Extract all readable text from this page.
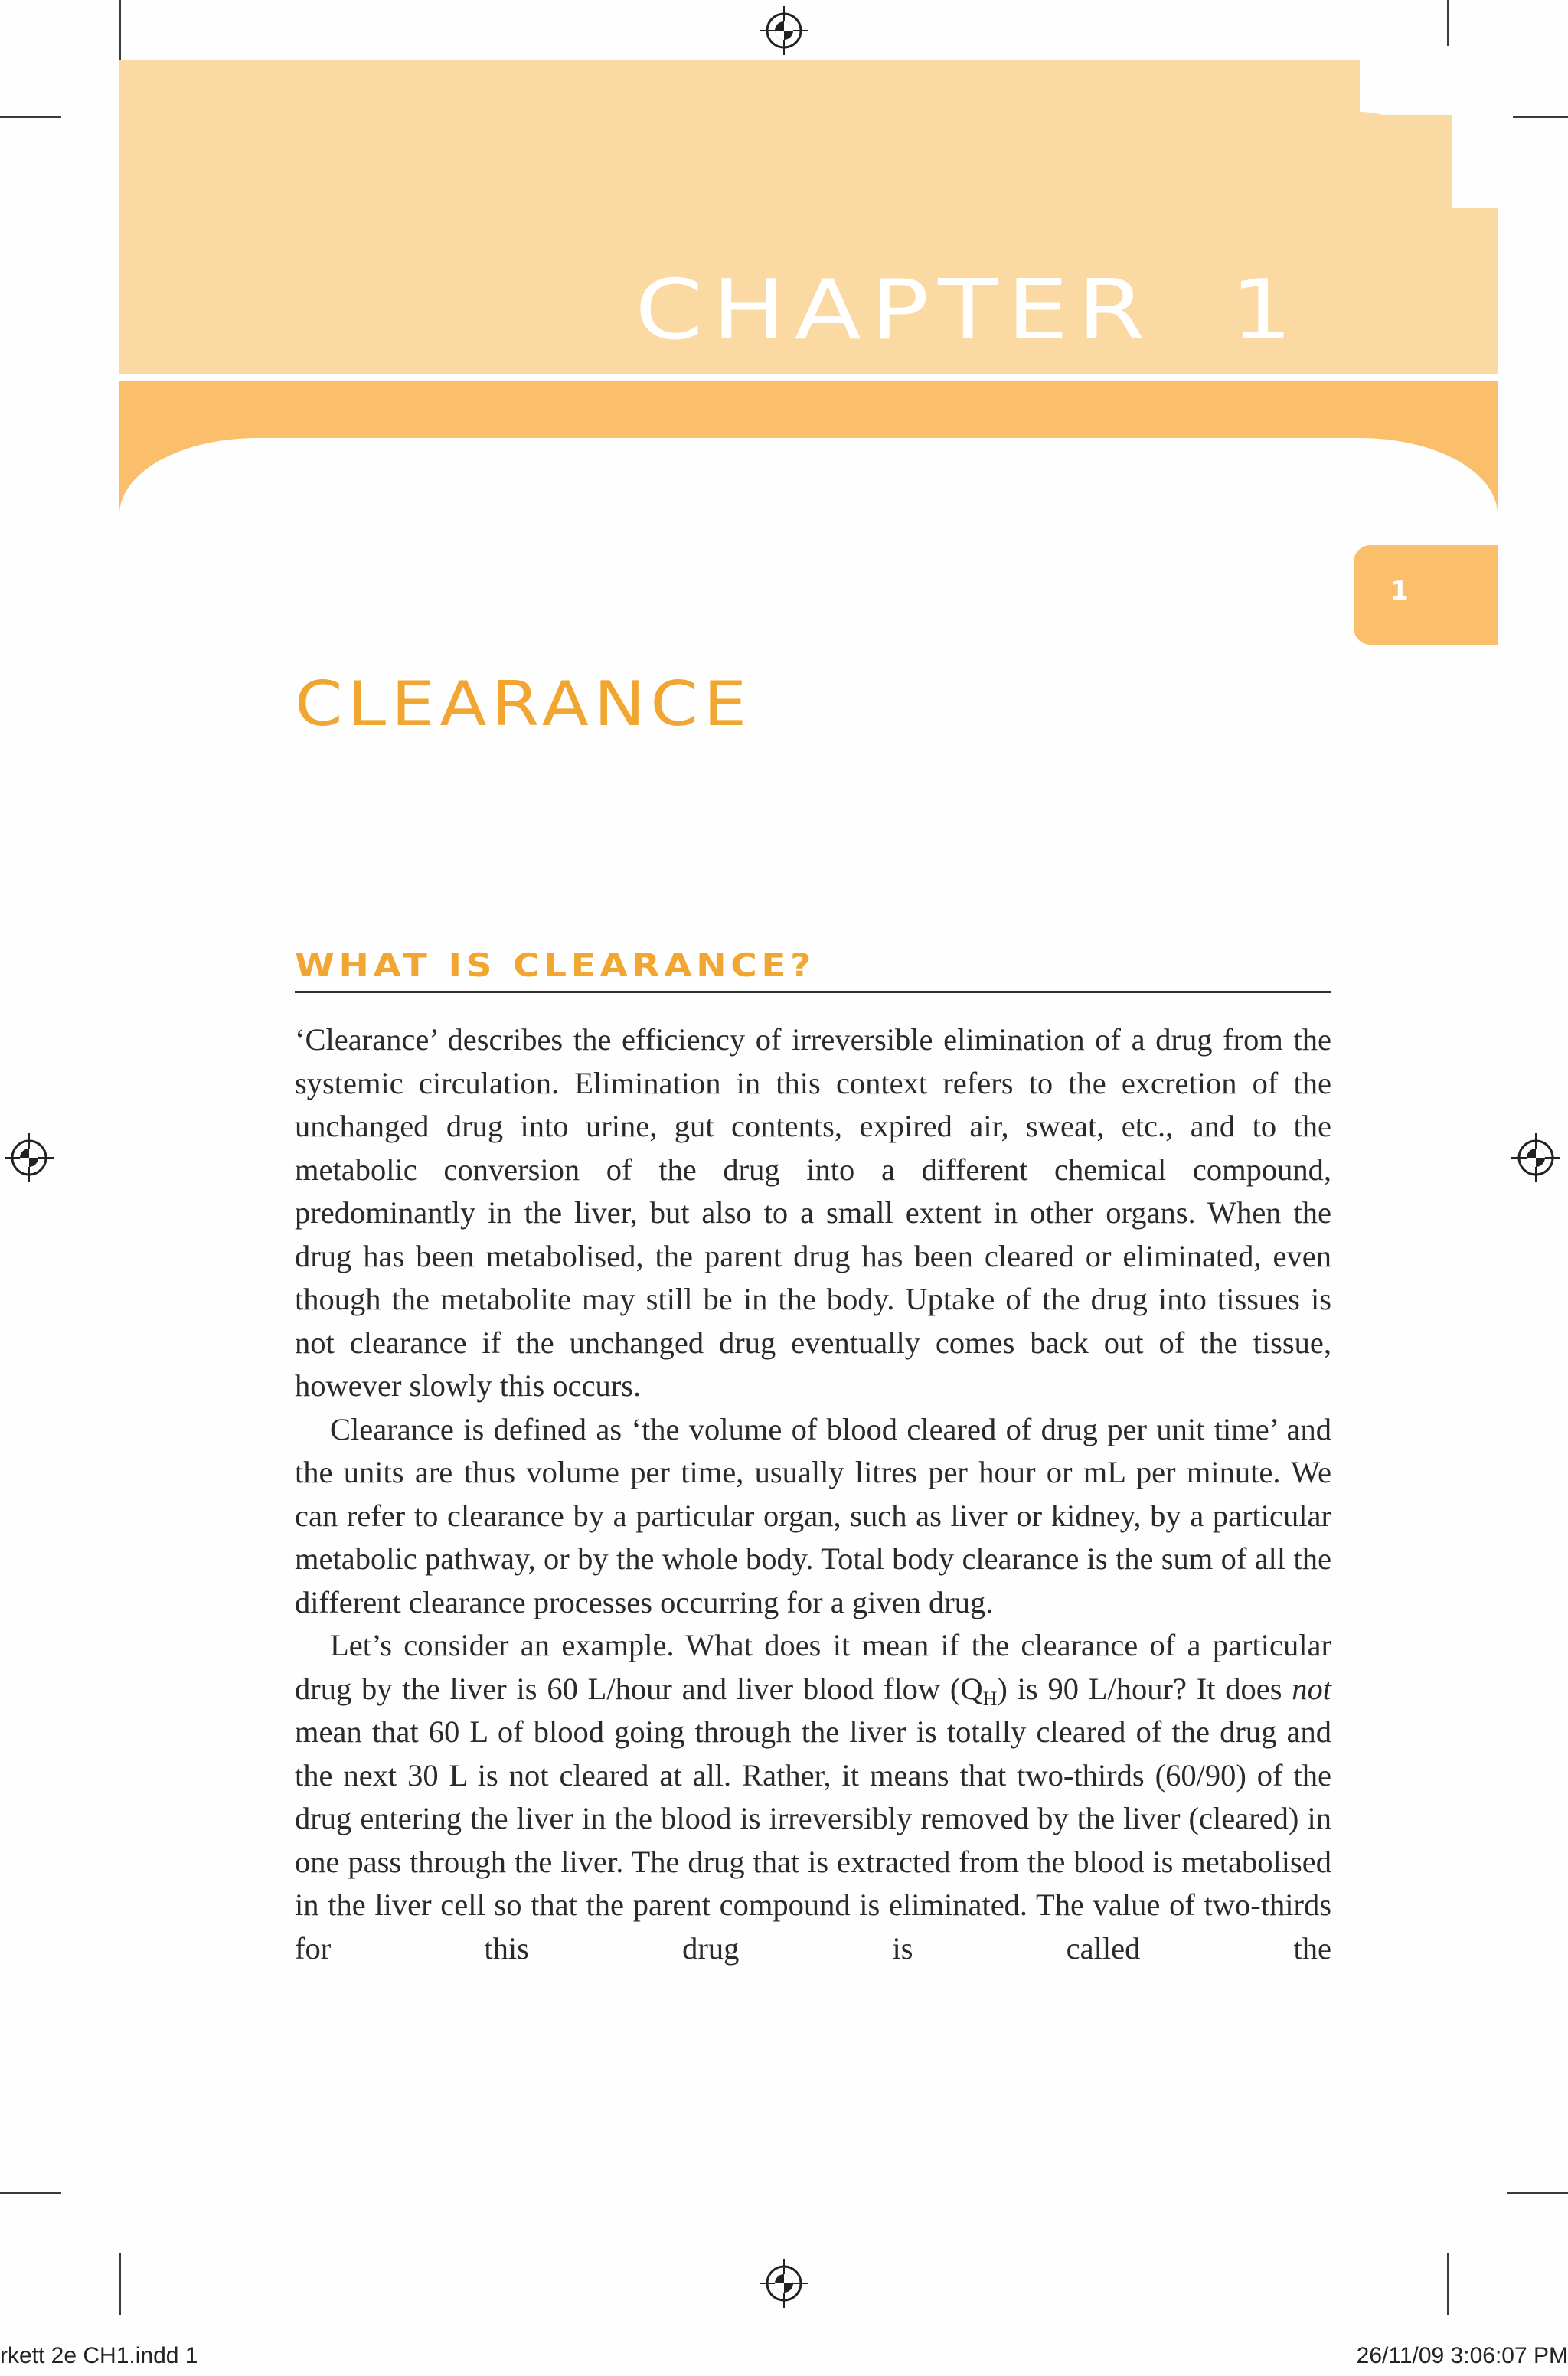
CHAPTER 1
1
CLEARANCE
WHAT IS CLEARANCE?

‘Clearance’ describes the efficiency of irreversible elimination of a drug from the systemic circulation. Elimination in this context refers to the excretion of the unchanged drug into urine, gut contents, expired air, sweat, etc., and to the metabolic conversion of the drug into a different chemical compound, predominantly in the liver, but also to a small extent in other organs. When the drug has been metabolised, the parent drug has been cleared or eliminated, even though the metabolite may still be in the body. Uptake of the drug into tissues is not clearance if the unchanged drug eventually comes back out of the tissue, however slowly this occurs.

Clearance is defined as ‘the volume of blood cleared of drug per unit time’ and the units are thus volume per time, usually litres per hour or mL per minute. We can refer to clearance by a particular organ, such as liver or kidney, by a particular metabolic pathway, or by the whole body. Total body clearance is the sum of all the different clearance processes occurring for a given drug.

Let’s consider an example. What does it mean if the clearance of a particular drug by the liver is 60 L/hour and liver blood flow $(Q_H)$ is 90 L/hour? It does not mean that 60 L of blood going through the liver is totally cleared of the drug and the next 30 L is not cleared at all. Rather, it means that two-thirds (60/90) of the drug entering the liver in the blood is irreversibly removed by the liver (cleared) in one pass through the liver. The drug that is extracted from the blood is metabolised in the liver cell so that the parent compound is eliminated. The value of two-thirds for this drug is called the

rkett 2e CH1.indd 1	26/11/09 3:06:07 PM
